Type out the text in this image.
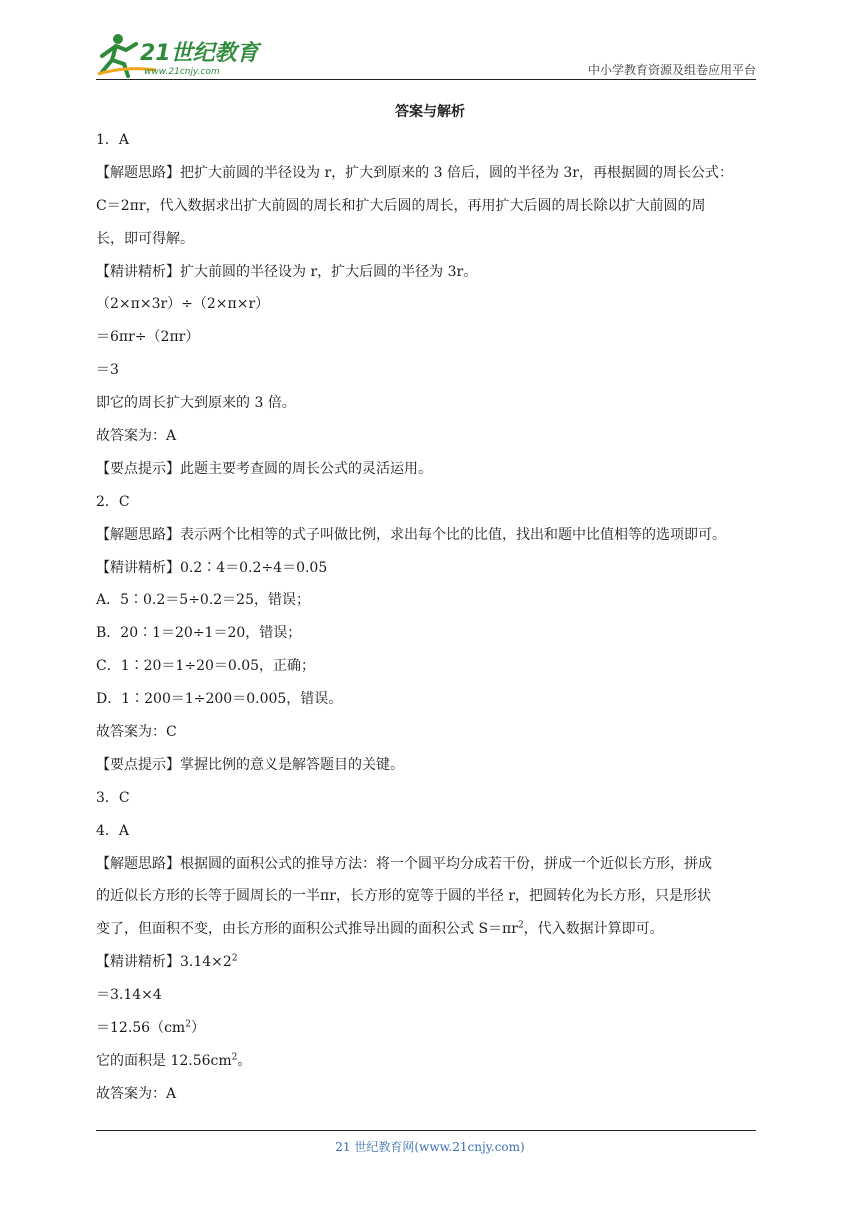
21世纪教育
www.21cnjy.com	中小学教育资源及组卷应用平台
答案与解析
1．A
【解题思路】把扩大前圆的半径设为 r，扩大到原来的 3 倍后，圆的半径为 3r，再根据圆的周长公式：
C＝2πr，代入数据求出扩大前圆的周长和扩大后圆的周长，再用扩大后圆的周长除以扩大前圆的周
长，即可得解。
【精讲精析】扩大前圆的半径设为 r，扩大后圆的半径为 3r。
（2×π×3r）÷（2×π×r）
＝6πr÷（2πr）
＝3
即它的周长扩大到原来的 3 倍。
故答案为：A
【要点提示】此题主要考查圆的周长公式的灵活运用。
2．C
【解题思路】表示两个比相等的式子叫做比例，求出每个比的比值，找出和题中比值相等的选项即可。
【精讲精析】0.2∶4＝0.2÷4＝0.05
A．5∶0.2＝5÷0.2＝25，错误；
B．20∶1＝20÷1＝20，错误；
C．1∶20＝1÷20＝0.05，正确；
D．1∶200＝1÷200＝0.005，错误。
故答案为：C
【要点提示】掌握比例的意义是解答题目的关键。
3．C
4．A
【解题思路】根据圆的面积公式的推导方法：将一个圆平均分成若干份，拼成一个近似长方形，拼成
的近似长方形的长等于圆周长的一半πr，长方形的宽等于圆的半径 r，把圆转化为长方形，只是形状
变了，但面积不变，由长方形的面积公式推导出圆的面积公式 $S=\pi r^2$，代入数据计算即可。
【精讲精析】$3.14\times 2^2$
＝3.14×4
$=12.56(cm^2)$
它的面积是 $12.56cm^2$。
故答案为：A
21 世纪教育网(www.21cnjy.com)
